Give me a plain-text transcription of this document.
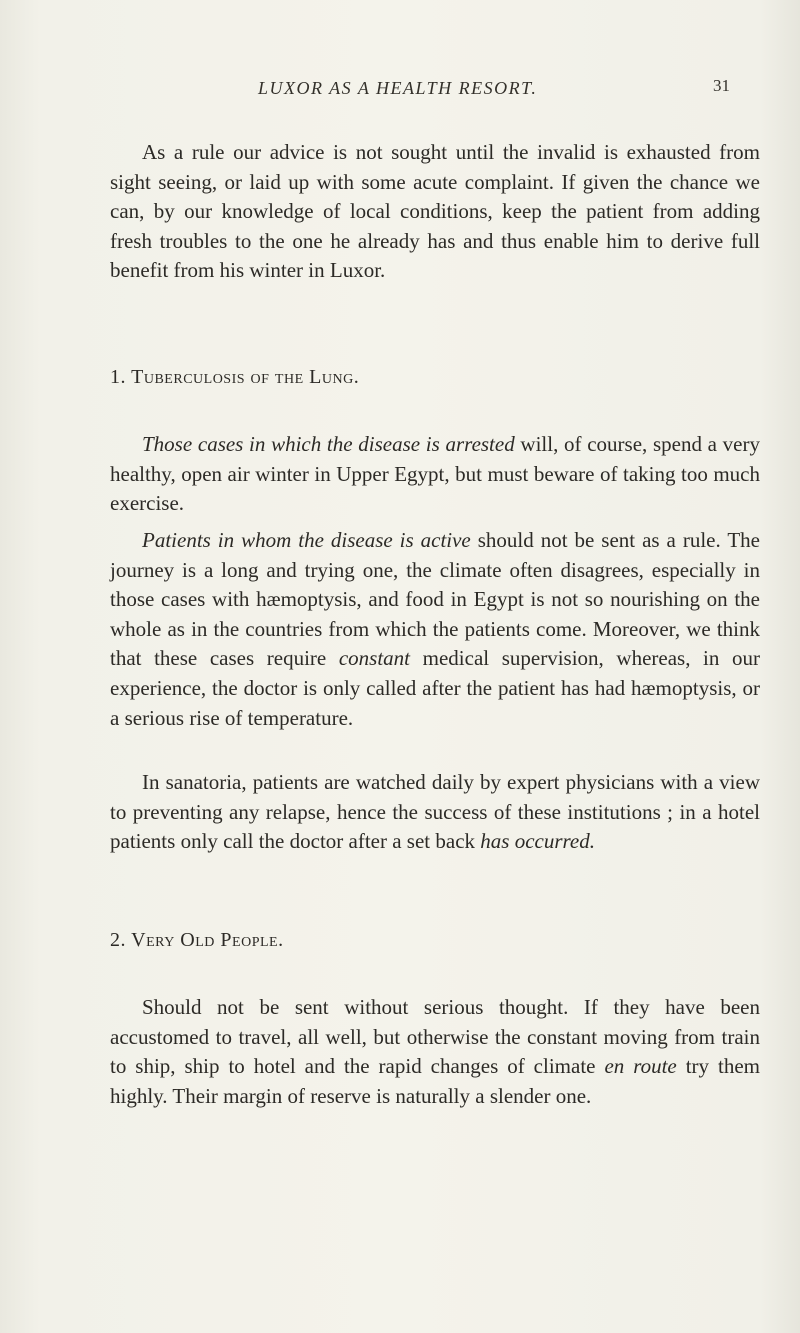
LUXOR AS A HEALTH RESORT.	31

As a rule our advice is not sought until the invalid is exhausted from sight seeing, or laid up with some acute complaint. If given the chance we can, by our knowledge of local conditions, keep the patient from adding fresh troubles to the one he already has and thus enable him to derive full benefit from his winter in Luxor.

1. Tuberculosis of the Lung.

Those cases in which the disease is arrested will, of course, spend a very healthy, open air winter in Upper Egypt, but must beware of taking too much exercise.

Patients in whom the disease is active should not be sent as a rule. The journey is a long and trying one, the climate often disagrees, especially in those cases with hæmoptysis, and food in Egypt is not so nourishing on the whole as in the countries from which the patients come. Moreover, we think that these cases require constant medical supervision, whereas, in our experience, the doctor is only called after the patient has had hæmoptysis, or a serious rise of temperature.

In sanatoria, patients are watched daily by expert physicians with a view to preventing any relapse, hence the success of these institutions ; in a hotel patients only call the doctor after a set back has occurred.

2. Very Old People.

Should not be sent without serious thought. If they have been accustomed to travel, all well, but otherwise the constant moving from train to ship, ship to hotel and the rapid changes of climate en route try them highly. Their margin of reserve is naturally a slender one.
